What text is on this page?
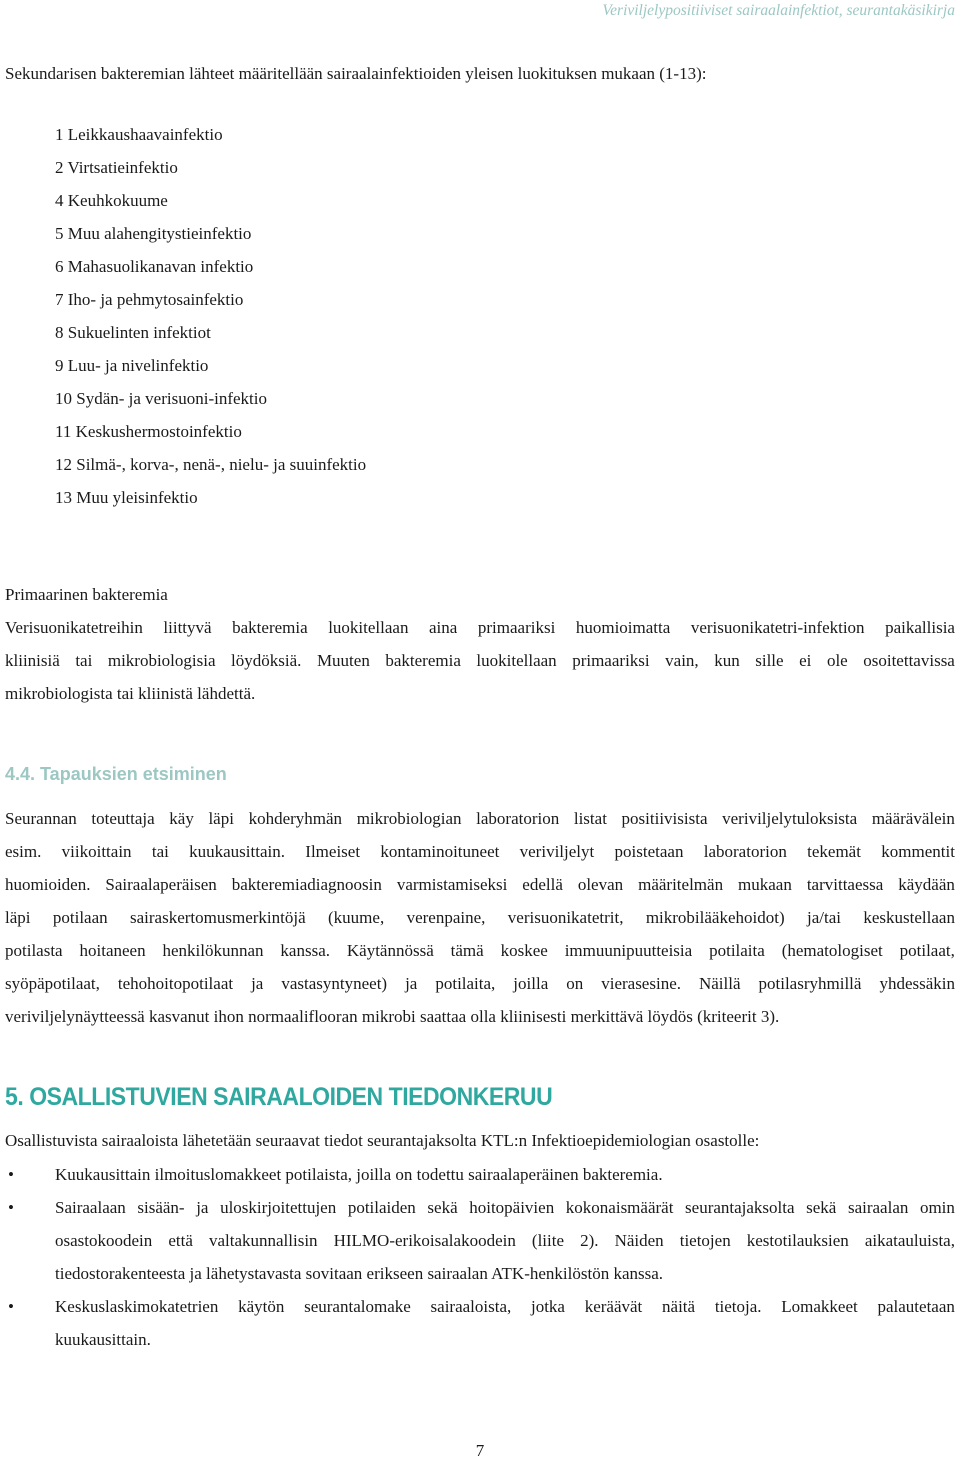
Veriviljelypositiiviset sairaalainfektiot, seurantakäsikirja
Sekundarisen bakteremian lähteet määritellään sairaalainfektioiden yleisen luokituksen mukaan (1-13):
1 Leikkaushaavainfektio
2 Virtsatieinfektio
4 Keuhkokuume
5 Muu alahengitystieinfektio
6 Mahasuolikanavan infektio
7 Iho- ja pehmytosainfektio
8 Sukuelinten infektiot
9 Luu- ja nivelinfektio
10 Sydän- ja verisuoni-infektio
11 Keskushermostoinfektio
12 Silmä-, korva-, nenä-, nielu- ja suuinfektio
13 Muu yleisinfektio
Primaarinen bakteremia
Verisuonikatetreihin liittyvä bakteremia luokitellaan aina primaariksi huomioimatta verisuonikatetri-infektion paikallisia
kliinisiä tai mikrobiologisia löydöksiä. Muuten bakteremia luokitellaan primaariksi vain, kun sille ei ole osoitettavissa
mikrobiologista tai kliinistä lähdettä.
4.4. Tapauksien etsiminen
Seurannan toteuttaja käy läpi kohderyhmän mikrobiologian laboratorion listat positiivisista veriviljelytuloksista määrävälein
esim. viikoittain tai kuukausittain. Ilmeiset kontaminoituneet veriviljelyt poistetaan laboratorion tekemät kommentit
huomioiden. Sairaalaperäisen bakteremiadiagnoosin varmistamiseksi edellä olevan määritelmän mukaan tarvittaessa käydään
läpi potilaan sairaskertomusmerkintöjä (kuume, verenpaine, verisuonikatetrit, mikrobilääkehoidot) ja/tai keskustellaan
potilasta hoitaneen henkilökunnan kanssa. Käytännössä tämä koskee immuunipuutteisia potilaita (hematologiset potilaat,
syöpäpotilaat, tehohoitopotilaat ja vastasyntyneet) ja potilaita, joilla on vierasesine. Näillä potilasryhmillä yhdessäkin
veriviljelynäytteessä kasvanut ihon normaaliflooran mikrobi saattaa olla kliinisesti merkittävä löydös (kriteerit 3).
5. OSALLISTUVIEN SAIRAALOIDEN TIEDONKERUU
Osallistuvista sairaaloista lähetetään seuraavat tiedot seurantajaksolta KTL:n Infektioepidemiologian osastolle:
• Kuukausittain ilmoituslomakkeet potilaista, joilla on todettu sairaalaperäinen bakteremia.
• Sairaalaan sisään- ja uloskirjoitettujen potilaiden sekä hoitopäivien kokonaismäärät seurantajaksolta sekä sairaalan omin
osastokoodein että valtakunnallisin HILMO-erikoisalakoodein (liite 2). Näiden tietojen kestotilauksien aikatauluista,
tiedostorakenteesta ja lähetystavasta sovitaan erikseen sairaalan ATK-henkilöstön kanssa.
• Keskuslaskimokatetrien käytön seurantalomake sairaaloista, jotka keräävät näitä tietoja. Lomakkeet palautetaan
kuukausittain.
7
